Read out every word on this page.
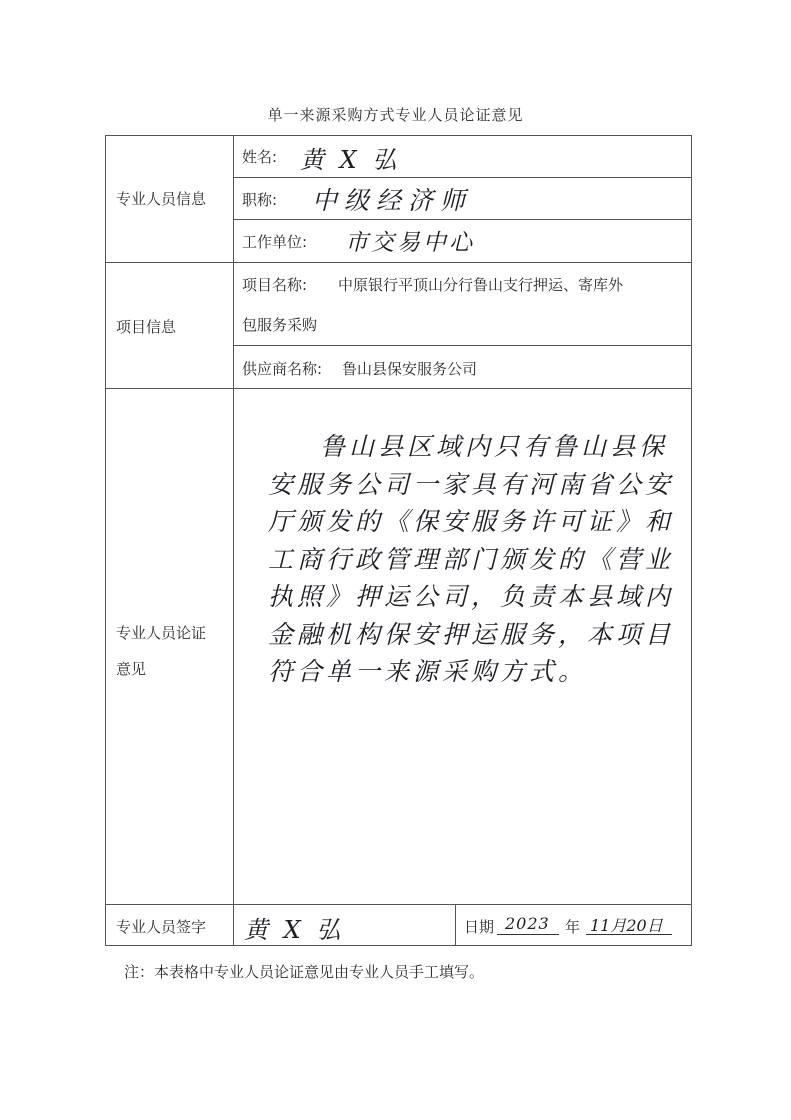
单一来源采购方式专业人员论证意见
专业人员信息
姓名: 黄 X 弘
职称: 中级经济师
工作单位: 市交易中心
项目信息
项目名称: 中原银行平顶山分行鲁山支行押运、寄库外
包服务采购
供应商名称: 鲁山县保安服务公司
专业人员论证
意见
鲁山县区域内只有鲁山县保安服务公司一家具有河南省公安厅颁发的《保安服务许可证》和工商行政管理部门颁发的《营业执照》押运公司，负责本县域内金融机构保安押运服务，本项目符合单一来源采购方式。
专业人员签字 黄 X 弘	日期 2023 年 11月20日
注：本表格中专业人员论证意见由专业人员手工填写。
